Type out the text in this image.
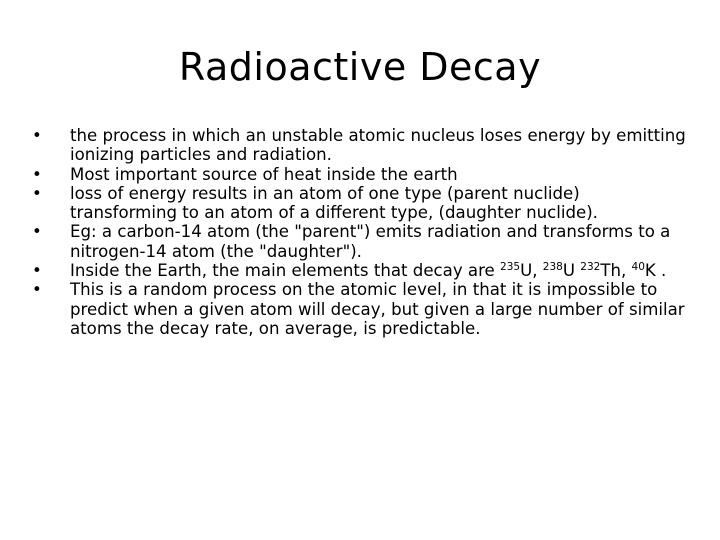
Radioactive Decay
• the process in which an unstable atomic nucleus loses energy by emitting ionizing particles and radiation.
• Most important source of heat inside the earth
• loss of energy results in an atom of one type (parent nuclide) transforming to an atom of a different type, (daughter nuclide).
• Eg: a carbon-14 atom (the "parent") emits radiation and transforms to a nitrogen-14 atom (the "daughter").
• Inside the Earth, the main elements that decay are $^{235}$U, $^{238}$U $^{232}$Th, $^{40}$K .
• This is a random process on the atomic level, in that it is impossible to predict when a given atom will decay, but given a large number of similar atoms the decay rate, on average, is predictable.
